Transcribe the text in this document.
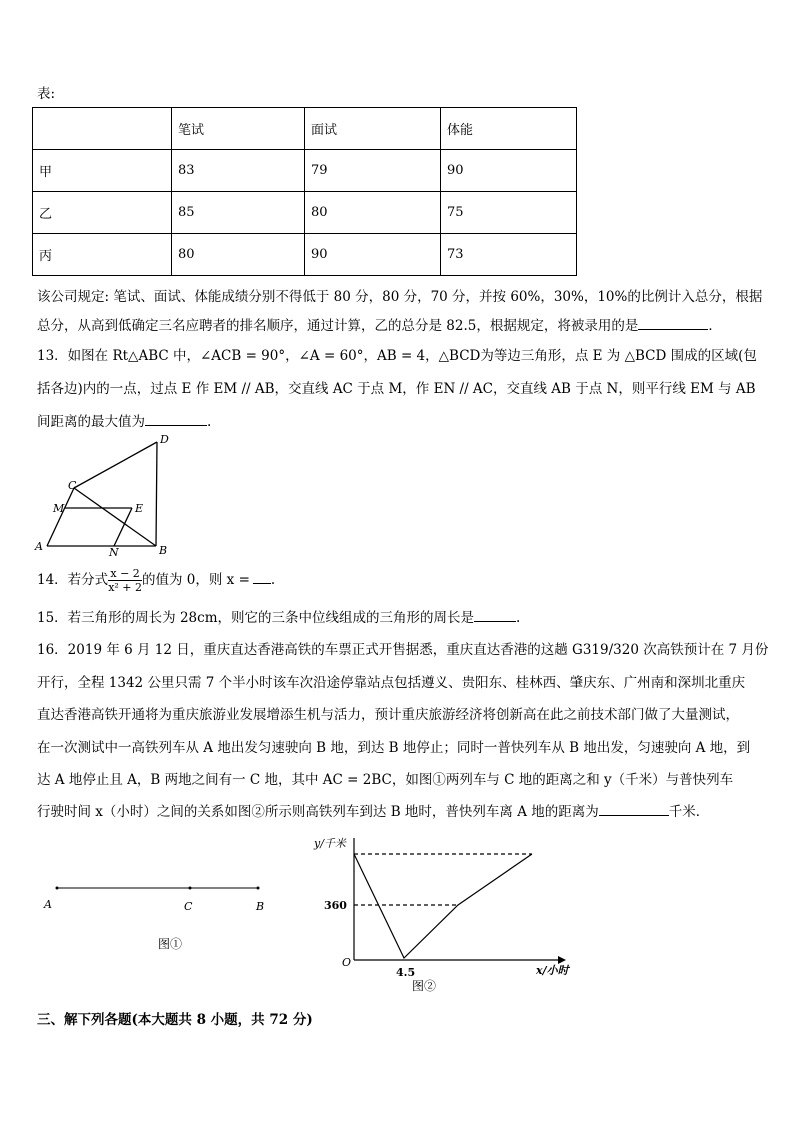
表:
	笔试	面试	体能
甲	83	79	90
乙	85	80	75
丙	80	90	73
该公司规定: 笔试、面试、体能成绩分别不得低于 80 分，80 分，70 分，并按 60%，30%，10%的比例计入总分，根据
总分，从高到低确定三名应聘者的排名顺序，通过计算，乙的总分是 82.5，根据规定，将被录用的是	．
13．如图在 Rt△ABC 中，∠ACB = 90°，∠A = 60°，AB = 4，△BCD为等边三角形，点 E 为 △BCD 围成的区域(包
括各边)内的一点，过点 E 作 EM // AB，交直线 AC 于点 M，作 EN // AC，交直线 AB 于点 N，则平行线 EM 与 AB
间距离的最大值为	.
A	B
C
D
E
M
N
14．若分式 $\frac{x - 2}{\text{x² + 2}}$ 的值为 0，则 x = .
15．若三角形的周长为 28cm，则它的三条中位线组成的三角形的周长是	.
16．2019 年 6 月 12 日，重庆直达香港高铁的车票正式开售据悉，重庆直达香港的这趟 G319/320 次高铁预计在 7 月份
开行，全程 1342 公里只需 7 个半小时该车次沿途停靠站点包括遵义、贵阳东、桂林西、肇庆东、广州南和深圳北重庆
直达香港高铁开通将为重庆旅游业发展增添生机与活力，预计重庆旅游经济将创新高在此之前技术部门做了大量测试，
在一次测试中一高铁列车从 A 地出发匀速驶向 B 地，到达 B 地停止；同时一普快列车从 B 地出发，匀速驶向 A 地，到
达 A 地停止且 A，B 两地之间有一 C 地，其中 AC = 2BC，如图①两列车与 C 地的距离之和 y（千米）与普快列车
行驶时间 x（小时）之间的关系如图②所示则高铁列车到达 B 地时，普快列车离 A 地的距离为	千米．
A	C	B
图①
y/千米
360
O
4.5	x/小时
图②
三、解下列各题(本大题共 8 小题，共 72 分)
